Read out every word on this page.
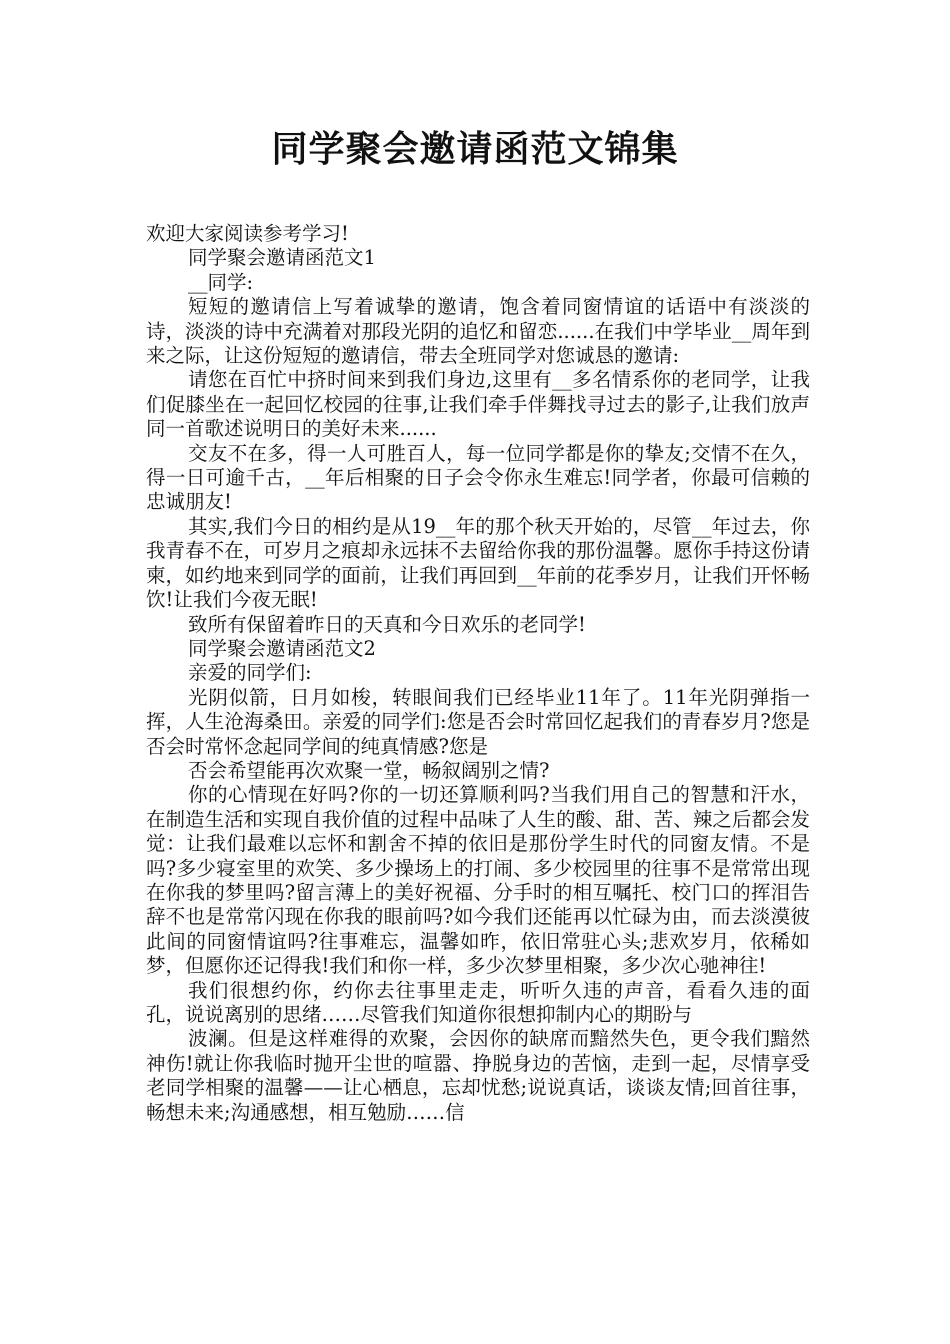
同学聚会邀请函范文锦集

欢迎大家阅读参考学习!

同学聚会邀请函范文1

__同学:

短短的邀请信上写着诚挚的邀请，饱含着同窗情谊的话语中有淡淡的诗，淡淡的诗中充满着对那段光阴的追忆和留恋......在我们中学毕业__周年到来之际，让这份短短的邀请信，带去全班同学对您诚恳的邀请:

请您在百忙中挤时间来到我们身边,这里有__多名情系你的老同学，让我们促膝坐在一起回忆校园的往事,让我们牵手伴舞找寻过去的影子,让我们放声同一首歌述说明日的美好未来......

交友不在多，得一人可胜百人，每一位同学都是你的挚友;交情不在久，得一日可逾千古，__年后相聚的日子会令你永生难忘!同学者，你最可信赖的忠诚朋友!

其实,我们今日的相约是从19__年的那个秋天开始的，尽管__年过去，你我青春不在，可岁月之痕却永远抹不去留给你我的那份温馨。愿你手持这份请柬，如约地来到同学的面前，让我们再回到__年前的花季岁月，让我们开怀畅饮!让我们今夜无眠!

致所有保留着昨日的天真和今日欢乐的老同学!

同学聚会邀请函范文2

亲爱的同学们:

光阴似箭，日月如梭，转眼间我们已经毕业11年了。11年光阴弹指一挥，人生沧海桑田。亲爱的同学们:您是否会时常回忆起我们的青春岁月?您是否会时常怀念起同学间的纯真情感?您是

否会希望能再次欢聚一堂，畅叙阔别之情?

你的心情现在好吗?你的一切还算顺利吗?当我们用自己的智慧和汗水，在制造生活和实现自我价值的过程中品味了人生的酸、甜、苦、辣之后都会发觉：让我们最难以忘怀和割舍不掉的依旧是那份学生时代的同窗友情。不是吗?多少寝室里的欢笑、多少操场上的打闹、多少校园里的往事不是常常出现在你我的梦里吗?留言薄上的美好祝福、分手时的相互嘱托、校门口的挥泪告辞不也是常常闪现在你我的眼前吗?如今我们还能再以忙碌为由，而去淡漠彼此间的同窗情谊吗?往事难忘，温馨如昨，依旧常驻心头;悲欢岁月，依稀如梦，但愿你还记得我!我们和你一样，多少次梦里相聚，多少次心驰神往!

我们很想约你，约你去往事里走走，听听久违的声音，看看久违的面孔，说说离别的思绪……尽管我们知道你很想抑制内心的期盼与

波澜。但是这样难得的欢聚，会因你的缺席而黯然失色，更令我们黯然神伤!就让你我临时抛开尘世的喧嚣、挣脱身边的苦恼，走到一起，尽情享受老同学相聚的温馨——让心栖息，忘却忧愁;说说真话，谈谈友情;回首往事，畅想未来;沟通感想，相互勉励……信
